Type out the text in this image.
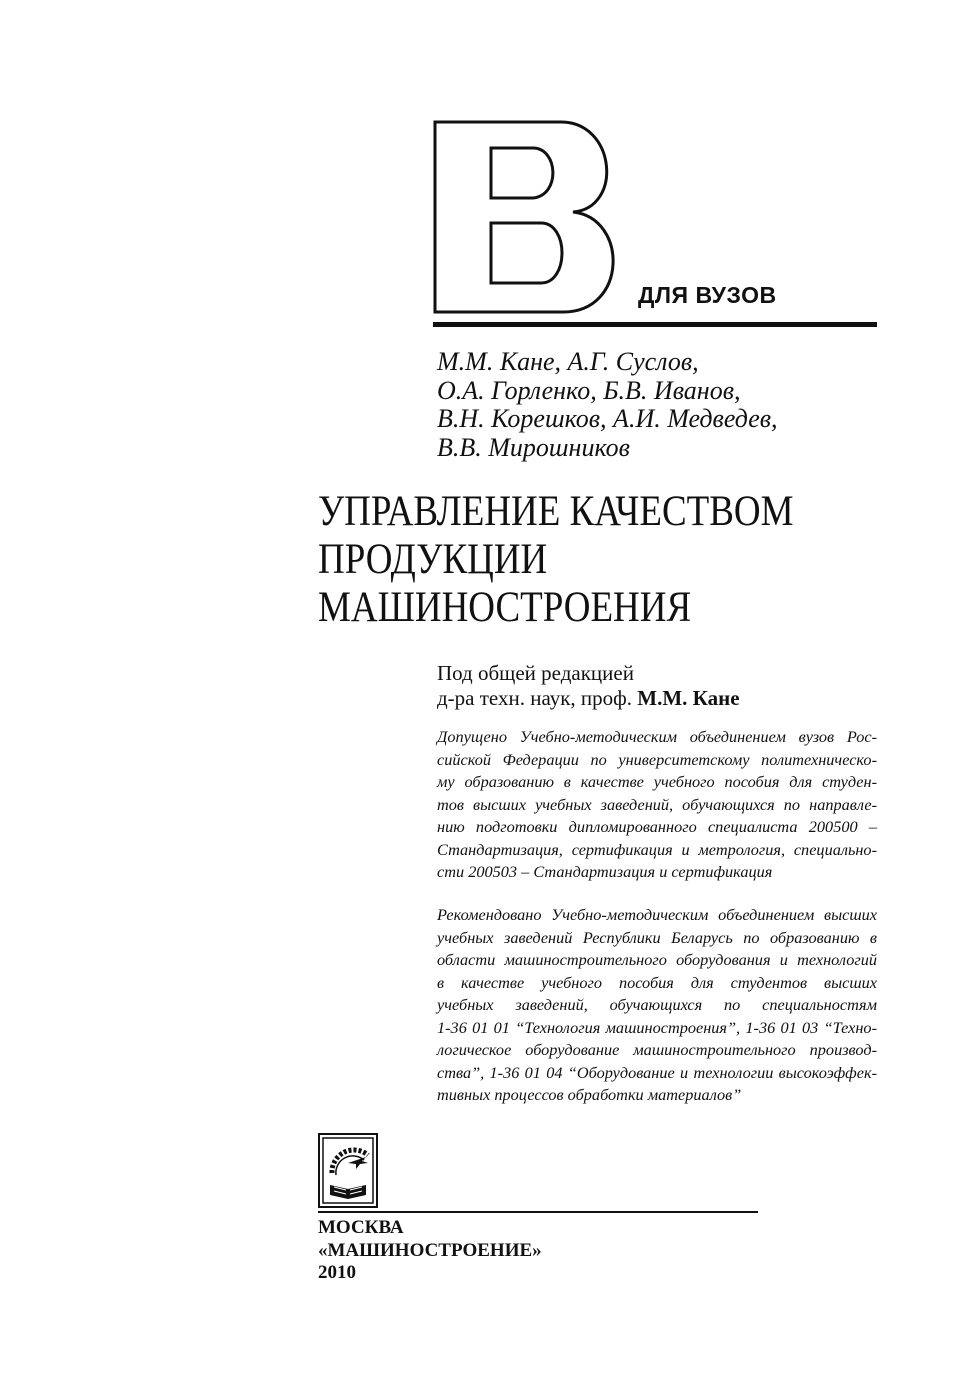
ДЛЯ ВУЗОВ
М.М. Кане, А.Г. Суслов,
О.А. Горленко, Б.В. Иванов,
В.Н. Корешков, А.И. Медведев,
В.В. Мирошников
УПРАВЛЕНИЕ КАЧЕСТВОМ
ПРОДУКЦИИ
МАШИНОСТРОЕНИЯ
Под общей редакцией
д-ра техн. наук, проф. М.М. Кане
Допущено Учебно-методическим объединением вузов Рос-
сийской Федерации по университетскому политехническо-
му образованию в качестве учебного пособия для студен-
тов высших учебных заведений, обучающихся по направле-
нию подготовки дипломированного специалиста 200500 –
Стандартизация, сертификация и метрология, специально-
сти 200503 – Стандартизация и сертификация
Рекомендовано Учебно-методическим объединением высших
учебных заведений Республики Беларусь по образованию в
области машиностроительного оборудования и технологий
в качестве учебного пособия для студентов высших
учебных заведений, обучающихся по специальностям
1-36 01 01 “Технология машиностроения”, 1-36 01 03 “Техно-
логическое оборудование машиностроительного производ-
ства”, 1-36 01 04 “Оборудование и технологии высокоэффек-
тивных процессов обработки материалов”
МОСКВА
«МАШИНОСТРОЕНИЕ»
2010
